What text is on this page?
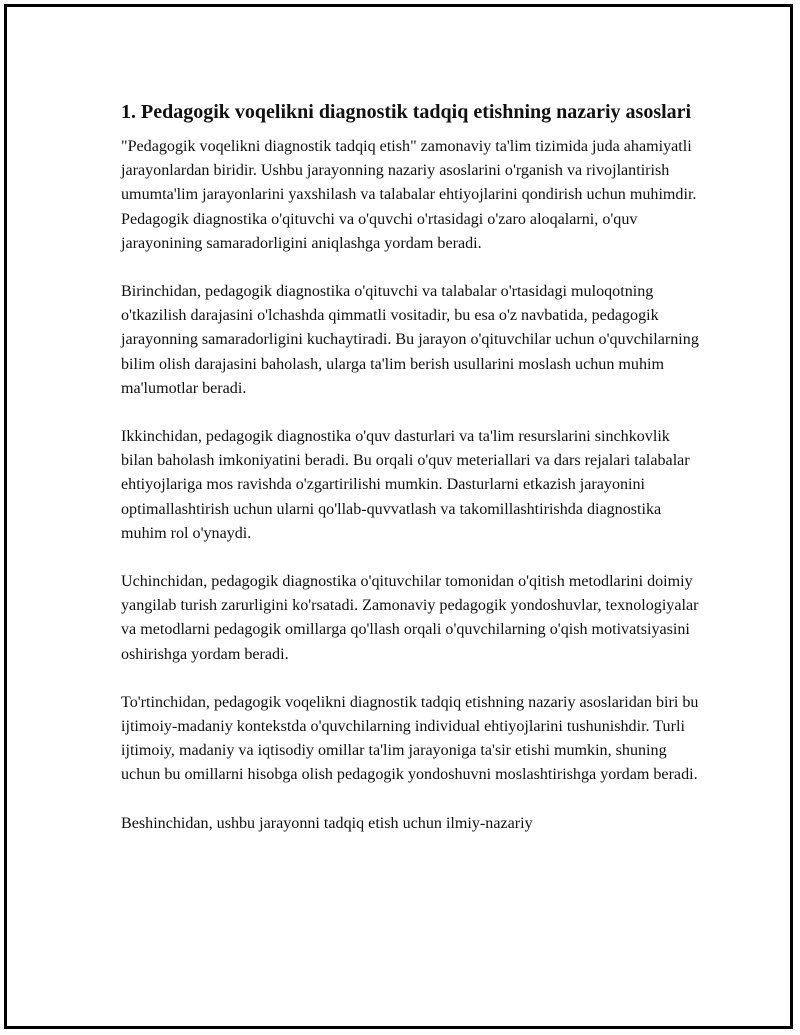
1. Pedagogik voqelikni diagnostik tadqiq etishning nazariy asoslari

"Pedagogik voqelikni diagnostik tadqiq etish" zamonaviy ta'lim tizimida juda ahamiyatli jarayonlardan biridir. Ushbu jarayonning nazariy asoslarini o'rganish va rivojlantirish umumta'lim jarayonlarini yaxshilash va talabalar ehtiyojlarini qondirish uchun muhimdir. Pedagogik diagnostika o'qituvchi va o'quvchi o'rtasidagi o'zaro aloqalarni, o'quv jarayonining samaradorligini aniqlashga yordam beradi.

Birinchidan, pedagogik diagnostika o'qituvchi va talabalar o'rtasidagi muloqotning o'tkazilish darajasini o'lchashda qimmatli vositadir, bu esa o'z navbatida, pedagogik jarayonning samaradorligini kuchaytiradi. Bu jarayon o'qituvchilar uchun o'quvchilarning bilim olish darajasini baholash, ularga ta'lim berish usullarini moslash uchun muhim ma'lumotlar beradi.

Ikkinchidan, pedagogik diagnostika o'quv dasturlari va ta'lim resurslarini sinchkovlik bilan baholash imkoniyatini beradi. Bu orqali o'quv meteriallari va dars rejalari talabalar ehtiyojlariga mos ravishda o'zgartirilishi mumkin. Dasturlarni etkazish jarayonini optimallashtirish uchun ularni qo'llab-quvvatlash va takomillashtirishda diagnostika muhim rol o'ynaydi.

Uchinchidan, pedagogik diagnostika o'qituvchilar tomonidan o'qitish metodlarini doimiy yangilab turish zarurligini ko'rsatadi. Zamonaviy pedagogik yondoshuvlar, texnologiyalar va metodlarni pedagogik omillarga qo'llash orqali o'quvchilarning o'qish motivatsiyasini oshirishga yordam beradi.

To'rtinchidan, pedagogik voqelikni diagnostik tadqiq etishning nazariy asoslaridan biri bu ijtimoiy-madaniy kontekstda o'quvchilarning individual ehtiyojlarini tushunishdir. Turli ijtimoiy, madaniy va iqtisodiy omillar ta'lim jarayoniga ta'sir etishi mumkin, shuning uchun bu omillarni hisobga olish pedagogik yondoshuvni moslashtirishga yordam beradi.

Beshinchidan, ushbu jarayonni tadqiq etish uchun ilmiy-nazariy
